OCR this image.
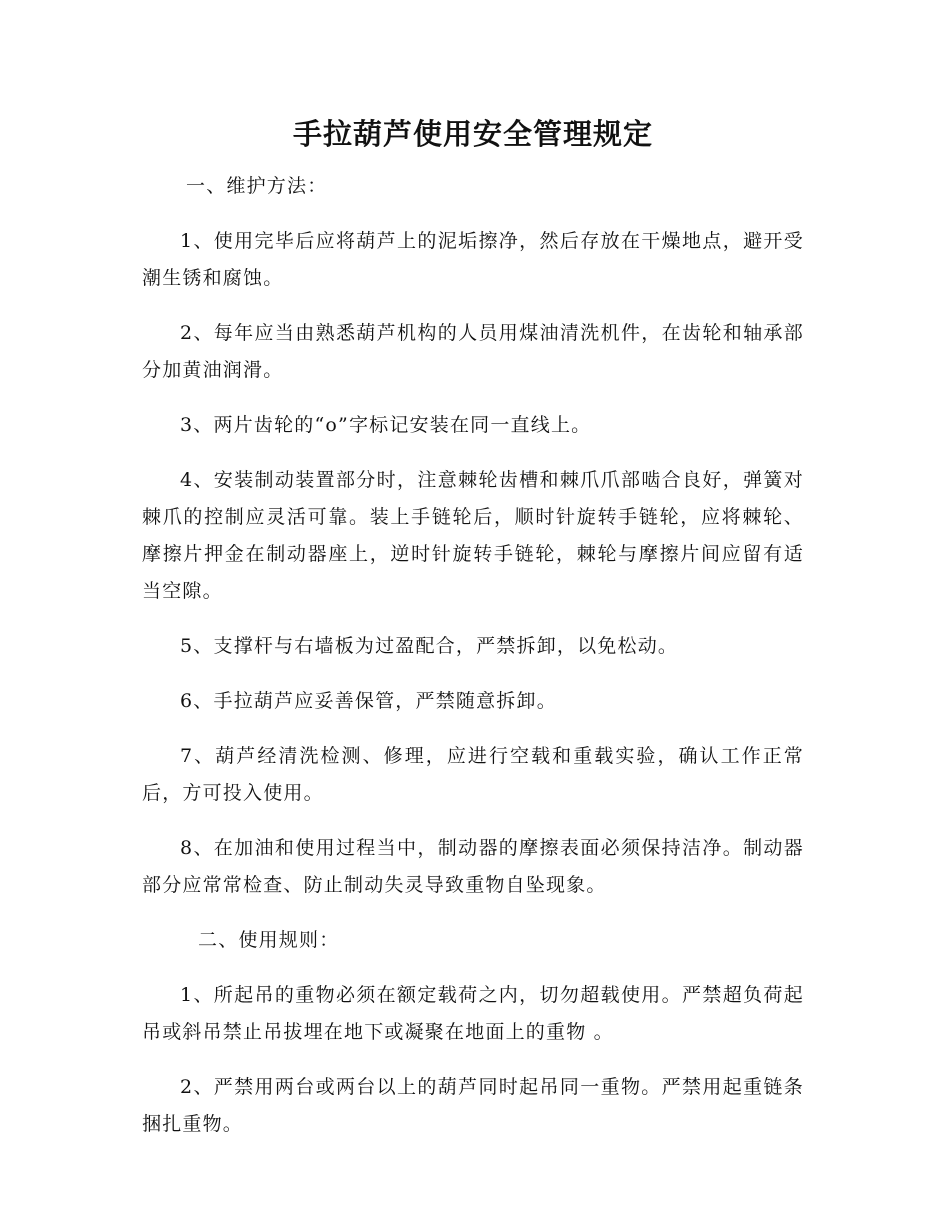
手拉葫芦使用安全管理规定
一、维护方法：

1、使用完毕后应将葫芦上的泥垢擦净，然后存放在干燥地点，避开受潮生锈和腐蚀。

2、每年应当由熟悉葫芦机构的人员用煤油清洗机件，在齿轮和轴承部分加黄油润滑。

3、两片齿轮的“o”字标记安装在同一直线上。

4、安装制动装置部分时，注意棘轮齿槽和棘爪爪部啮合良好，弹簧对棘爪的控制应灵活可靠。装上手链轮后，顺时针旋转手链轮，应将棘轮、摩擦片押金在制动器座上，逆时针旋转手链轮，棘轮与摩擦片间应留有适当空隙。

5、支撑杆与右墙板为过盈配合，严禁拆卸，以免松动。

6、手拉葫芦应妥善保管，严禁随意拆卸。

7、葫芦经清洗检测、修理，应进行空载和重载实验，确认工作正常后，方可投入使用。

8、在加油和使用过程当中，制动器的摩擦表面必须保持洁净。制动器部分应常常检查、防止制动失灵导致重物自坠现象。

二、使用规则：

1、所起吊的重物必须在额定载荷之内，切勿超载使用。严禁超负荷起吊或斜吊禁止吊拔埋在地下或凝聚在地面上的重物 。

2、严禁用两台或两台以上的葫芦同时起吊同一重物。严禁用起重链条捆扎重物。
